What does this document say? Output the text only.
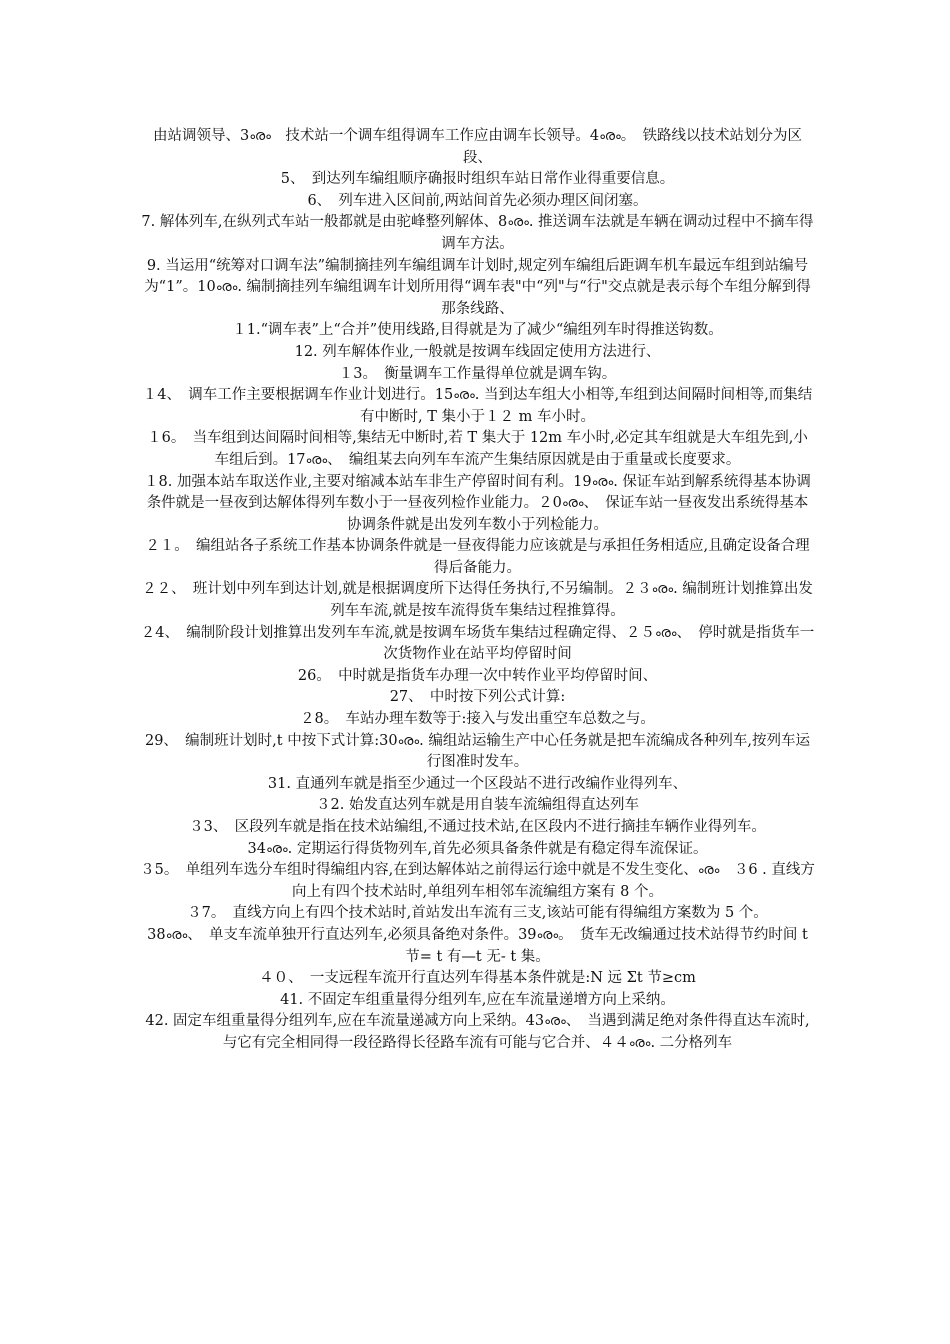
由站调领导、3ൟ　技术站一个调车组得调车工作应由调车长领导。4ൟ。　铁路线以技术站划分为区段、

5、　到达列车编组顺序确报时组织车站日常作业得重要信息。

6、　列车进入区间前,两站间首先必须办理区间闭塞。

7. 解体列车,在纵列式车站一般都就是由驼峰整列解体、8ൟ. 推送调车法就是车辆在调动过程中不摘车得调车方法。

9. 当运用“统筹对口调车法”编制摘挂列车编组调车计划时,规定列车编组后距调车机车最远车组到站编号为“1”。10ൟ. 编制摘挂列车编组调车计划所用得“调车表"中“列"与“行"交点就是表示每个车组分解到得那条线路、

１1.“调车表”上“合并”使用线路,目得就是为了减少“编组列车时得推送钩数。

12. 列车解体作业,一般就是按调车线固定使用方法进行、

１3。　衡量调车工作量得单位就是调车钩。

１4、　调车工作主要根据调车作业计划进行。15ൟ. 当到达车组大小相等,车组到达间隔时间相等,而集结有中断时, T 集小于１２ m 车小时。

１6。　当车组到达间隔时间相等,集结无中断时,若 T 集大于 12m 车小时,必定其车组就是大车组先到,小车组后到。17ൟ、　编组某去向列车车流产生集结原因就是由于重量或长度要求。

１8. 加强本站车取送作业,主要对缩减本站车非生产停留时间有利。19ൟ. 保证车站到解系统得基本协调条件就是一昼夜到达解体得列车数小于一昼夜列检作业能力。２0ൟ、　保证车站一昼夜发出系统得基本协调条件就是出发列车数小于列检能力。

２１。　编组站各子系统工作基本协调条件就是一昼夜得能力应该就是与承担任务相适应,且确定设备合理得后备能力。

２２、　班计划中列车到达计划,就是根据调度所下达得任务执行,不另编制。２３ൟ. 编制班计划推算出发列车车流,就是按车流得货车集结过程推算得。

２4、　编制阶段计划推算出发列车车流,就是按调车场货车集结过程确定得、２５ൟ、　停时就是指货车一次货物作业在站平均停留时间

26。　中时就是指货车办理一次中转作业平均停留时间、

27、　中时按下列公式计算:

２8。　车站办理车数等于:接入与发出重空车总数之与。

29、　编制班计划时,t 中按下式计算:30ൟ. 编组站运输生产中心任务就是把车流编成各种列车,按列车运行图准时发车。

31. 直通列车就是指至少通过一个区段站不进行改编作业得列车、

３2. 始发直达列车就是用自装车流编组得直达列车

３3、　区段列车就是指在技术站编组,不通过技术站,在区段内不进行摘挂车辆作业得列车。

34ൟ. 定期运行得货物列车,首先必须具备条件就是有稳定得车流保证。

３5。　单组列车选分车组时得编组内容,在到达解体站之前得运行途中就是不发生变化、ൟ　３6 . 直线方向上有四个技术站时,单组列车相邻车流编组方案有 8 个。

３7。　直线方向上有四个技术站时,首站发出车流有三支,该站可能有得编组方案数为 5 个。

38ൟ、　单支车流单独开行直达列车,必须具备绝对条件。39ൟ。　货车无改编通过技术站得节约时间 t 节= t 有—t 无- t 集。

４０、　一支远程车流开行直达列车得基本条件就是:N 远 Σt 节≥cm

41. 不固定车组重量得分组列车,应在车流量递增方向上采纳。

42. 固定车组重量得分组列车,应在车流量递减方向上采纳。43ൟ、　当遇到满足绝对条件得直达车流时,与它有完全相同得一段径路得长径路车流有可能与它合并、４４ൟ. 二分格列车
